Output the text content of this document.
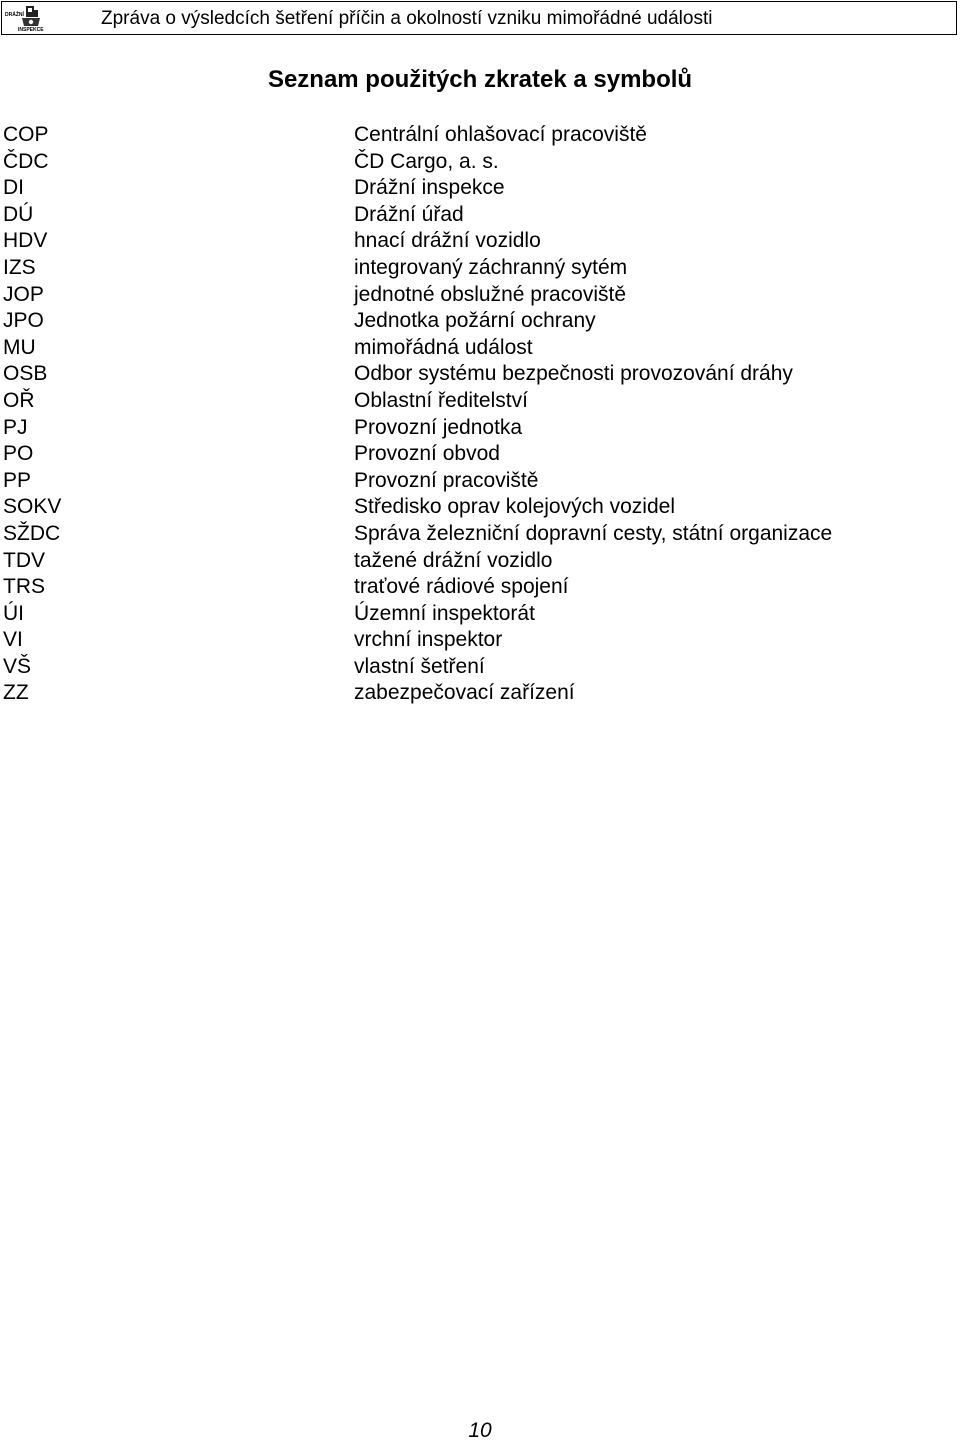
DRÁŽNÍ
INSPEKCE
Zpráva o výsledcích šetření příčin a okolností vzniku mimořádné události
Seznam použitých zkratek a symbolů
COP	Centrální ohlašovací pracoviště
ČDC	ČD Cargo, a. s.
DI	Drážní inspekce
DÚ	Drážní úřad
HDV	hnací drážní vozidlo
IZS	integrovaný záchranný sytém
JOP	jednotné obslužné pracoviště
JPO	Jednotka požární ochrany
MU	mimořádná událost
OSB	Odbor systému bezpečnosti provozování dráhy
OŘ	Oblastní ředitelství
PJ	Provozní jednotka
PO	Provozní obvod
PP	Provozní pracoviště
SOKV	Středisko oprav kolejových vozidel
SŽDC	Správa železniční dopravní cesty, státní organizace
TDV	tažené drážní vozidlo
TRS	traťové rádiové spojení
ÚI	Územní inspektorát
VI	vrchní inspektor
VŠ	vlastní šetření
ZZ	zabezpečovací zařízení
10
